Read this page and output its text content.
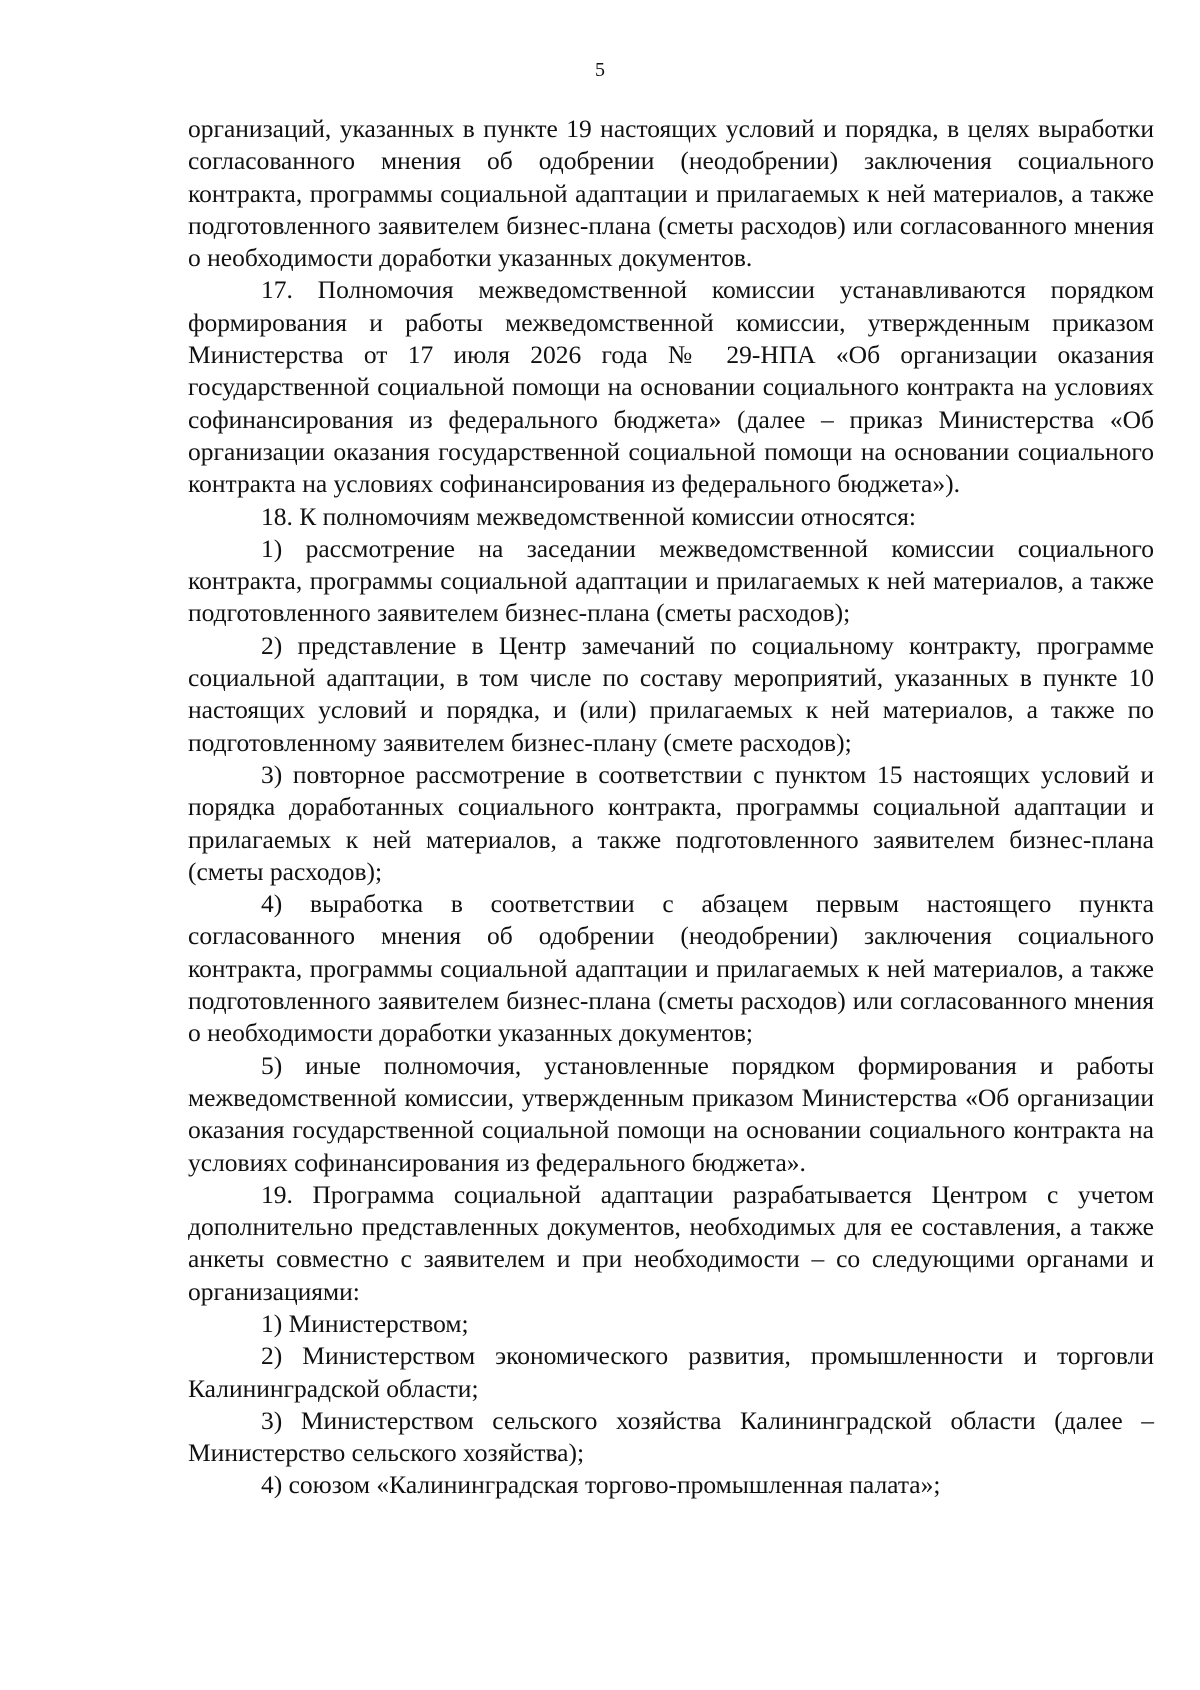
5

организаций, указанных в пункте 19 настоящих условий и порядка, в целях выработки согласованного мнения об одобрении (неодобрении) заключения социального контракта, программы социальной адаптации и прилагаемых к ней материалов, а также подготовленного заявителем бизнес-плана (сметы расходов) или согласованного мнения о необходимости доработки указанных документов.

17. Полномочия межведомственной комиссии устанавливаются порядком формирования и работы межведомственной комиссии, утвержденным приказом Министерства от 17 июля 2026 года № 29-НПА «Об организации оказания государственной социальной помощи на основании социального контракта на условиях софинансирования из федерального бюджета» (далее – приказ Министерства «Об организации оказания государственной социальной помощи на основании социального контракта на условиях софинансирования из федерального бюджета»).

18. К полномочиям межведомственной комиссии относятся:

1) рассмотрение на заседании межведомственной комиссии социального контракта, программы социальной адаптации и прилагаемых к ней материалов, а также подготовленного заявителем бизнес-плана (сметы расходов);

2) представление в Центр замечаний по социальному контракту, программе социальной адаптации, в том числе по составу мероприятий, указанных в пункте 10 настоящих условий и порядка, и (или) прилагаемых к ней материалов, а также по подготовленному заявителем бизнес-плану (смете расходов);

3) повторное рассмотрение в соответствии с пунктом 15 настоящих условий и порядка доработанных социального контракта, программы социальной адаптации и прилагаемых к ней материалов, а также подготовленного заявителем бизнес-плана (сметы расходов);

4) выработка в соответствии с абзацем первым настоящего пункта согласованного мнения об одобрении (неодобрении) заключения социального контракта, программы социальной адаптации и прилагаемых к ней материалов, а также подготовленного заявителем бизнес-плана (сметы расходов) или согласованного мнения о необходимости доработки указанных документов;

5) иные полномочия, установленные порядком формирования и работы межведомственной комиссии, утвержденным приказом Министерства «Об организации оказания государственной социальной помощи на основании социального контракта на условиях софинансирования из федерального бюджета».

19. Программа социальной адаптации разрабатывается Центром с учетом дополнительно представленных документов, необходимых для ее составления, а также анкеты совместно с заявителем и при необходимости – со следующими органами и организациями:

1) Министерством;

2) Министерством экономического развития, промышленности и торговли Калининградской области;

3) Министерством сельского хозяйства Калининградской области (далее – Министерство сельского хозяйства);

4) союзом «Калининградская торгово-промышленная палата»;
